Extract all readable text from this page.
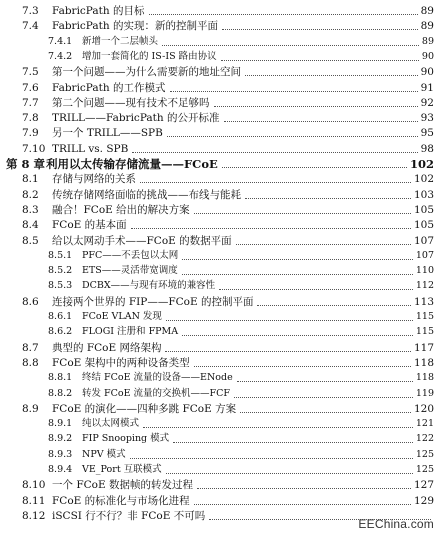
7.3	FabricPath 的目标	89
7.4	FabricPath 的实现：新的控制平面	89
7.4.1	新增一个二层帧头	89
7.4.2	增加一套简化的 IS-IS 路由协议	90
7.5	第一个问题——为什么需要新的地址空间	90
7.6	FabricPath 的工作模式	91
7.7	第二个问题——现有技术不足够吗	92
7.8	TRILL——FabricPath 的公开标准	93
7.9	另一个 TRILL——SPB	95
7.10 TRILL vs. SPB	98
第 8 章 利用以太传输存储流量——FCoE	102
8.1	存储与网络的关系	102
8.2	传统存储网络面临的挑战——布线与能耗	103
8.3	融合！FCoE 给出的解决方案	105
8.4	FCoE 的基本面	105
8.5	给以太网动手术——FCoE 的数据平面	107
8.5.1	PFC——不丢包以太网	107
8.5.2	ETS——灵活带宽调度	110
8.5.3	DCBX——与现有环境的兼容性	112
8.6	连接两个世界的 FIP——FCoE 的控制平面	113
8.6.1	FCoE VLAN 发现	115
8.6.2	FLOGI 注册和 FPMA	115
8.7	典型的 FCoE 网络架构	117
8.8	FCoE 架构中的两种设备类型	118
8.8.1	终结 FCoE 流量的设备——ENode	118
8.8.2	转发 FCoE 流量的交换机——FCF	119
8.9	FCoE 的演化——四种多跳 FCoE 方案	120
8.9.1	纯以太网模式	121
8.9.2	FIP Snooping 模式	122
8.9.3	NPV 模式	125
8.9.4	VE_Port 互联模式	125
8.10 一个 FCoE 数据帧的转发过程	127
8.11 FCoE 的标准化与市场化进程	129
8.12 iSCSI 行不行？非 FCoE 不可吗
EEChina.com
